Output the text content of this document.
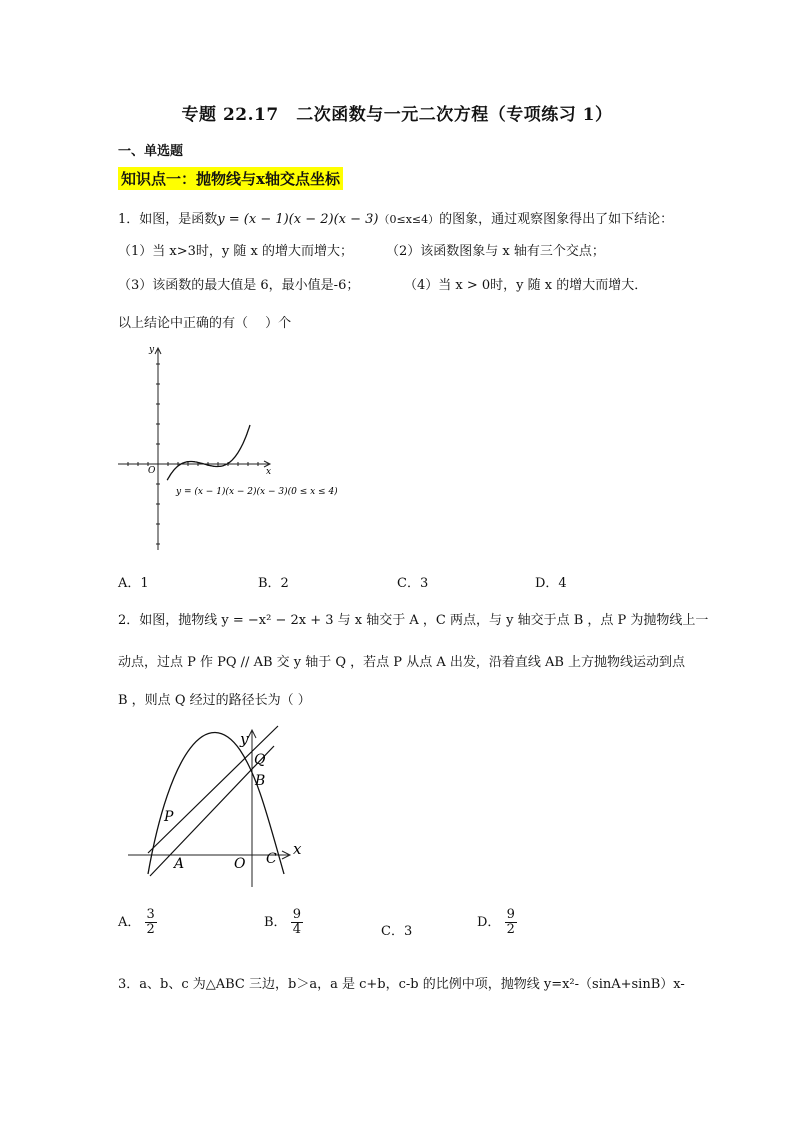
专题 22.17　二次函数与一元二次方程（专项练习 1）
一、单选题
知识点一：抛物线与x轴交点坐标
1．如图，是函数y = (x − 1)(x − 2)(x − 3)（0≤x≤4）的图象，通过观察图象得出了如下结论：
（1）当 x>3时，y 随 x 的增大而增大；	（2）该函数图象与 x 轴有三个交点；
（3）该函数的最大值是 6，最小值是-6；	（4）当 x > 0时，y 随 x 的增大而增大．
以上结论中正确的有（　 ）个
y
x
O
y = (x − 1)(x − 2)(x − 3)(0 ≤ x ≤ 4)
A．1	B．2	C．3	D．4
2．如图，抛物线 y = −x² − 2x + 3 与 x 轴交于 A ，C 两点，与 y 轴交于点 B ，点 P 为抛物线上一
动点，过点 P 作 PQ // AB 交 y 轴于 Q ，若点 P 从点 A 出发，沿着直线 AB 上方抛物线运动到点
B ，则点 Q 经过的路径长为（ ）
y
x
Q
B
P
A	O C
A． $\frac{3}{2}$	B． $\frac{9}{4}$	C．3
D． $\frac{9}{2}$
3．a、b、c 为△ABC 三边，b＞a，a 是 c+b，c-b 的比例中项，抛物线 y=x²-（sinA+sinB）x-
